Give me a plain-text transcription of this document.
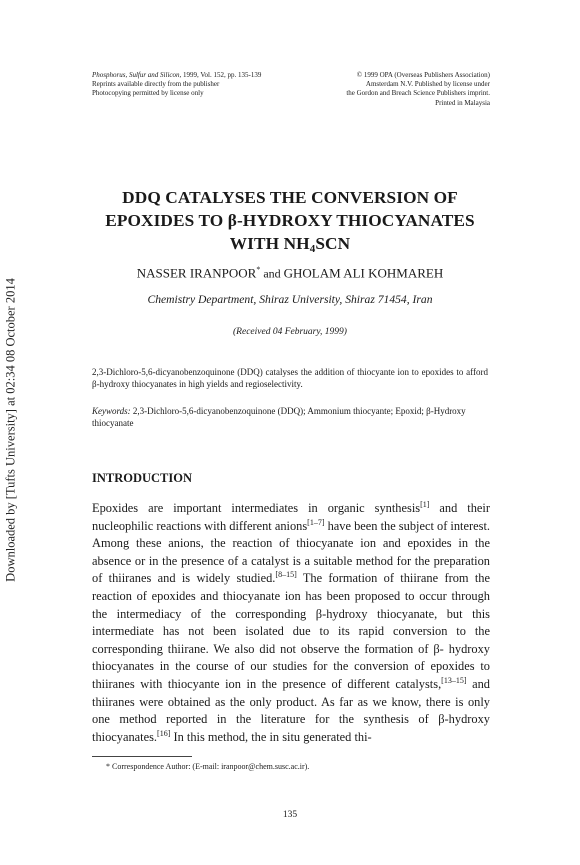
Downloaded by [Tufts University] at 02:34 08 October 2014
Phosphorus, Sulfur and Silicon, 1999, Vol. 152, pp. 135-139
Reprints available directly from the publisher
Photocopying permitted by license only
© 1999 OPA (Overseas Publishers Association)
Amsterdam N.V. Published by license under
the Gordon and Breach Science Publishers imprint.
Printed in Malaysia
DDQ CATALYSES THE CONVERSION OF
EPOXIDES TO β-HYDROXY THIOCYANATES
WITH $NH_4SCN$
NASSER IRANPOOR* and GHOLAM ALI KOHMAREH
Chemistry Department, Shiraz University, Shiraz 71454, Iran
(Received 04 February, 1999)
2,3-Dichloro-5,6-dicyanobenzoquinone (DDQ) catalyses the addition of thiocyante ion to epoxides to afford β-hydroxy thiocyanates in high yields and regioselectivity.
Keywords: 2,3-Dichloro-5,6-dicyanobenzoquinone (DDQ); Ammonium thiocyante; Epoxid; β-Hydroxy thiocyanate
INTRODUCTION

Epoxides are important intermediates in organic synthesis[1] and their nucleophilic reactions with different anions[1–7] have been the subject of interest. Among these anions, the reaction of thiocyanate ion and epoxides in the absence or in the presence of a catalyst is a suitable method for the preparation of thiiranes and is widely studied.[8–15] The formation of thiirane from the reaction of epoxides and thiocyanate ion has been proposed to occur through the intermediacy of the corresponding β-hydroxy thiocyanate, but this intermediate has not been isolated due to its rapid conversion to the corresponding thiirane. We also did not observe the formation of β- hydroxy thiocyanates in the course of our studies for the conversion of epoxides to thiiranes with thiocyante ion in the presence of different catalysts,[13–15] and thiiranes were obtained as the only product. As far as we know, there is only one method reported in the literature for the synthesis of β-hydroxy thiocyanates.[16] In this method, the in situ generated thi-

* Correspondence Author: (E-mail: iranpoor@chem.susc.ac.ir).
135
